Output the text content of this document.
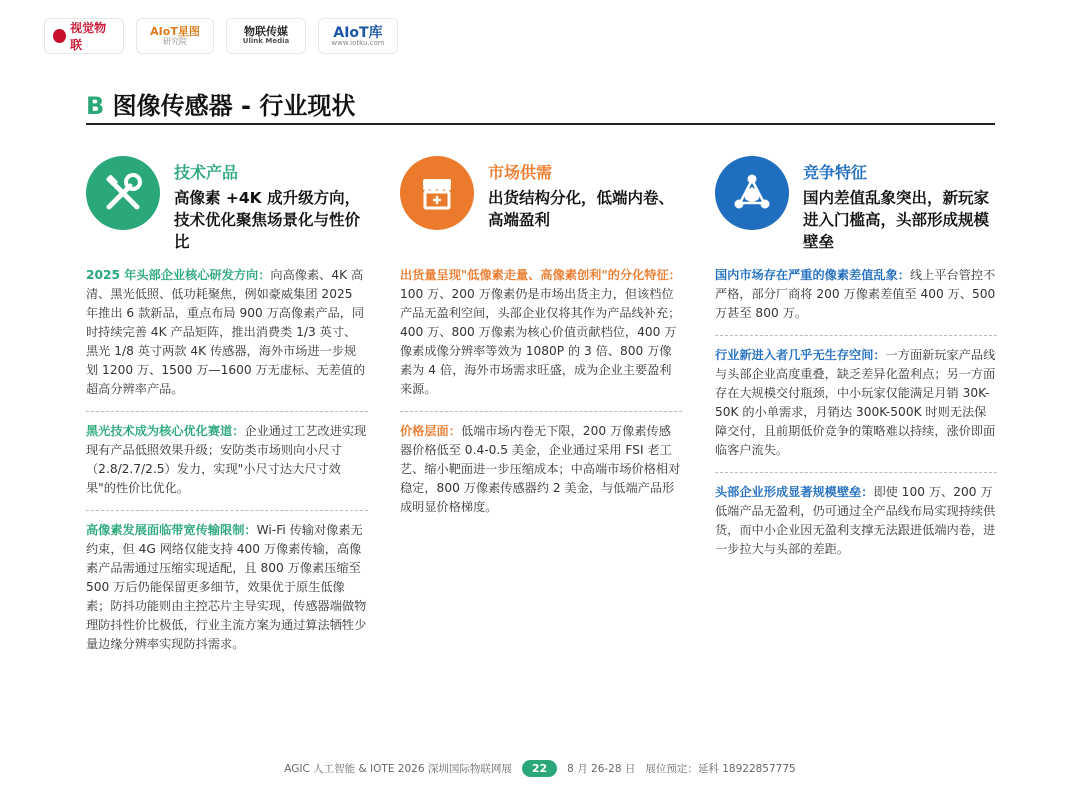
视觉物联
AIoT星图
研究院
物联传媒
Ulink Media
AIoT库
www.iotku.com
B 图像传感器 - 行业现状
技术产品
高像素 +4K 成升级方向，技术优化聚焦场景化与性价比
2025 年头部企业核心研发方向：向高像素、4K 高清、黑光低照、低功耗聚焦，例如豪威集团 2025 年推出 6 款新品，重点布局 900 万高像素产品，同时持续完善 4K 产品矩阵，推出消费类 1/3 英寸、黑光 1/8 英寸两款 4K 传感器，海外市场进一步规划 1200 万、1500 万—1600 万无虚标、无差值的超高分辨率产品。
黑光技术成为核心优化赛道：企业通过工艺改进实现现有产品低照效果升级；安防类市场则向小尺寸（2.8/2.7/2.5）发力，实现"小尺寸达大尺寸效果"的性价比优化。
高像素发展面临带宽传输限制：Wi-Fi 传输对像素无约束，但 4G 网络仅能支持 400 万像素传输，高像素产品需通过压缩实现适配，且 800 万像素压缩至 500 万后仍能保留更多细节，效果优于原生低像素；防抖功能则由主控芯片主导实现，传感器端做物理防抖性价比极低，行业主流方案为通过算法牺牲少量边缘分辨率实现防抖需求。
市场供需
出货结构分化，低端内卷、高端盈利
出货量呈现"低像素走量、高像素创利"的分化特征：100 万、200 万像素仍是市场出货主力，但该档位产品无盈利空间，头部企业仅将其作为产品线补充；400 万、800 万像素为核心价值贡献档位，400 万像素成像分辨率等效为 1080P 的 3 倍、800 万像素为 4 倍，海外市场需求旺盛，成为企业主要盈利来源。
价格层面：低端市场内卷无下限，200 万像素传感器价格低至 0.4-0.5 美金，企业通过采用 FSI 老工艺、缩小靶面进一步压缩成本；中高端市场价格相对稳定，800 万像素传感器约 2 美金，与低端产品形成明显价格梯度。
竞争特征
国内差值乱象突出，新玩家进入门槛高，头部形成规模壁垒
国内市场存在严重的像素差值乱象：线上平台管控不严格，部分厂商将 200 万像素差值至 400 万、500 万甚至 800 万。
行业新进入者几乎无生存空间：一方面新玩家产品线与头部企业高度重叠，缺乏差异化盈利点；另一方面存在大规模交付瓶颈，中小玩家仅能满足月销 30K-50K 的小单需求，月销达 300K-500K 时则无法保障交付，且前期低价竞争的策略难以持续，涨价即面临客户流失。
头部企业形成显著规模壁垒：即使 100 万、200 万低端产品无盈利，仍可通过全产品线布局实现持续供货，而中小企业因无盈利支撑无法跟进低端内卷，进一步拉大与头部的差距。
AGIC 人工智能 & IOTE 2026 深圳国际物联网展	22	8 月 26-28 日 展位预定：延科 18922857775
